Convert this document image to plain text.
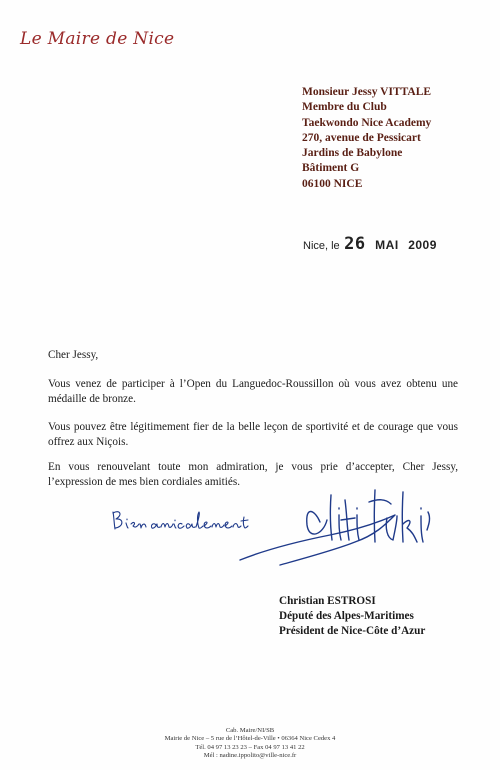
Le Maire de Nice
Monsieur Jessy VITTALE
Membre du Club
Taekwondo Nice Academy
270, avenue de Pessicart
Jardins de Babylone
Bâtiment G
06100 NICE
Nice, le 26 MAI 2009

Cher Jessy,

Vous venez de participer à l’Open du Languedoc-Roussillon où vous avez obtenu une médaille de bronze.

Vous pouvez être légitimement fier de la belle leçon de sportivité et de courage que vous offrez aux Niçois.

En vous renouvelant toute mon admiration, je vous prie d’accepter, Cher Jessy, l’expression de mes bien cordiales amitiés.

Christian ESTROSI
Député des Alpes-Maritimes
Président de Nice-Côte d’Azur
Cab. Maire/NI/SB
Mairie de Nice – 5 rue de l’Hôtel-de-Ville • 06364 Nice Cedex 4
Tél. 04 97 13 23 23 – Fax 04 97 13 41 22
Mél : nadine.ippolito@ville-nice.fr
